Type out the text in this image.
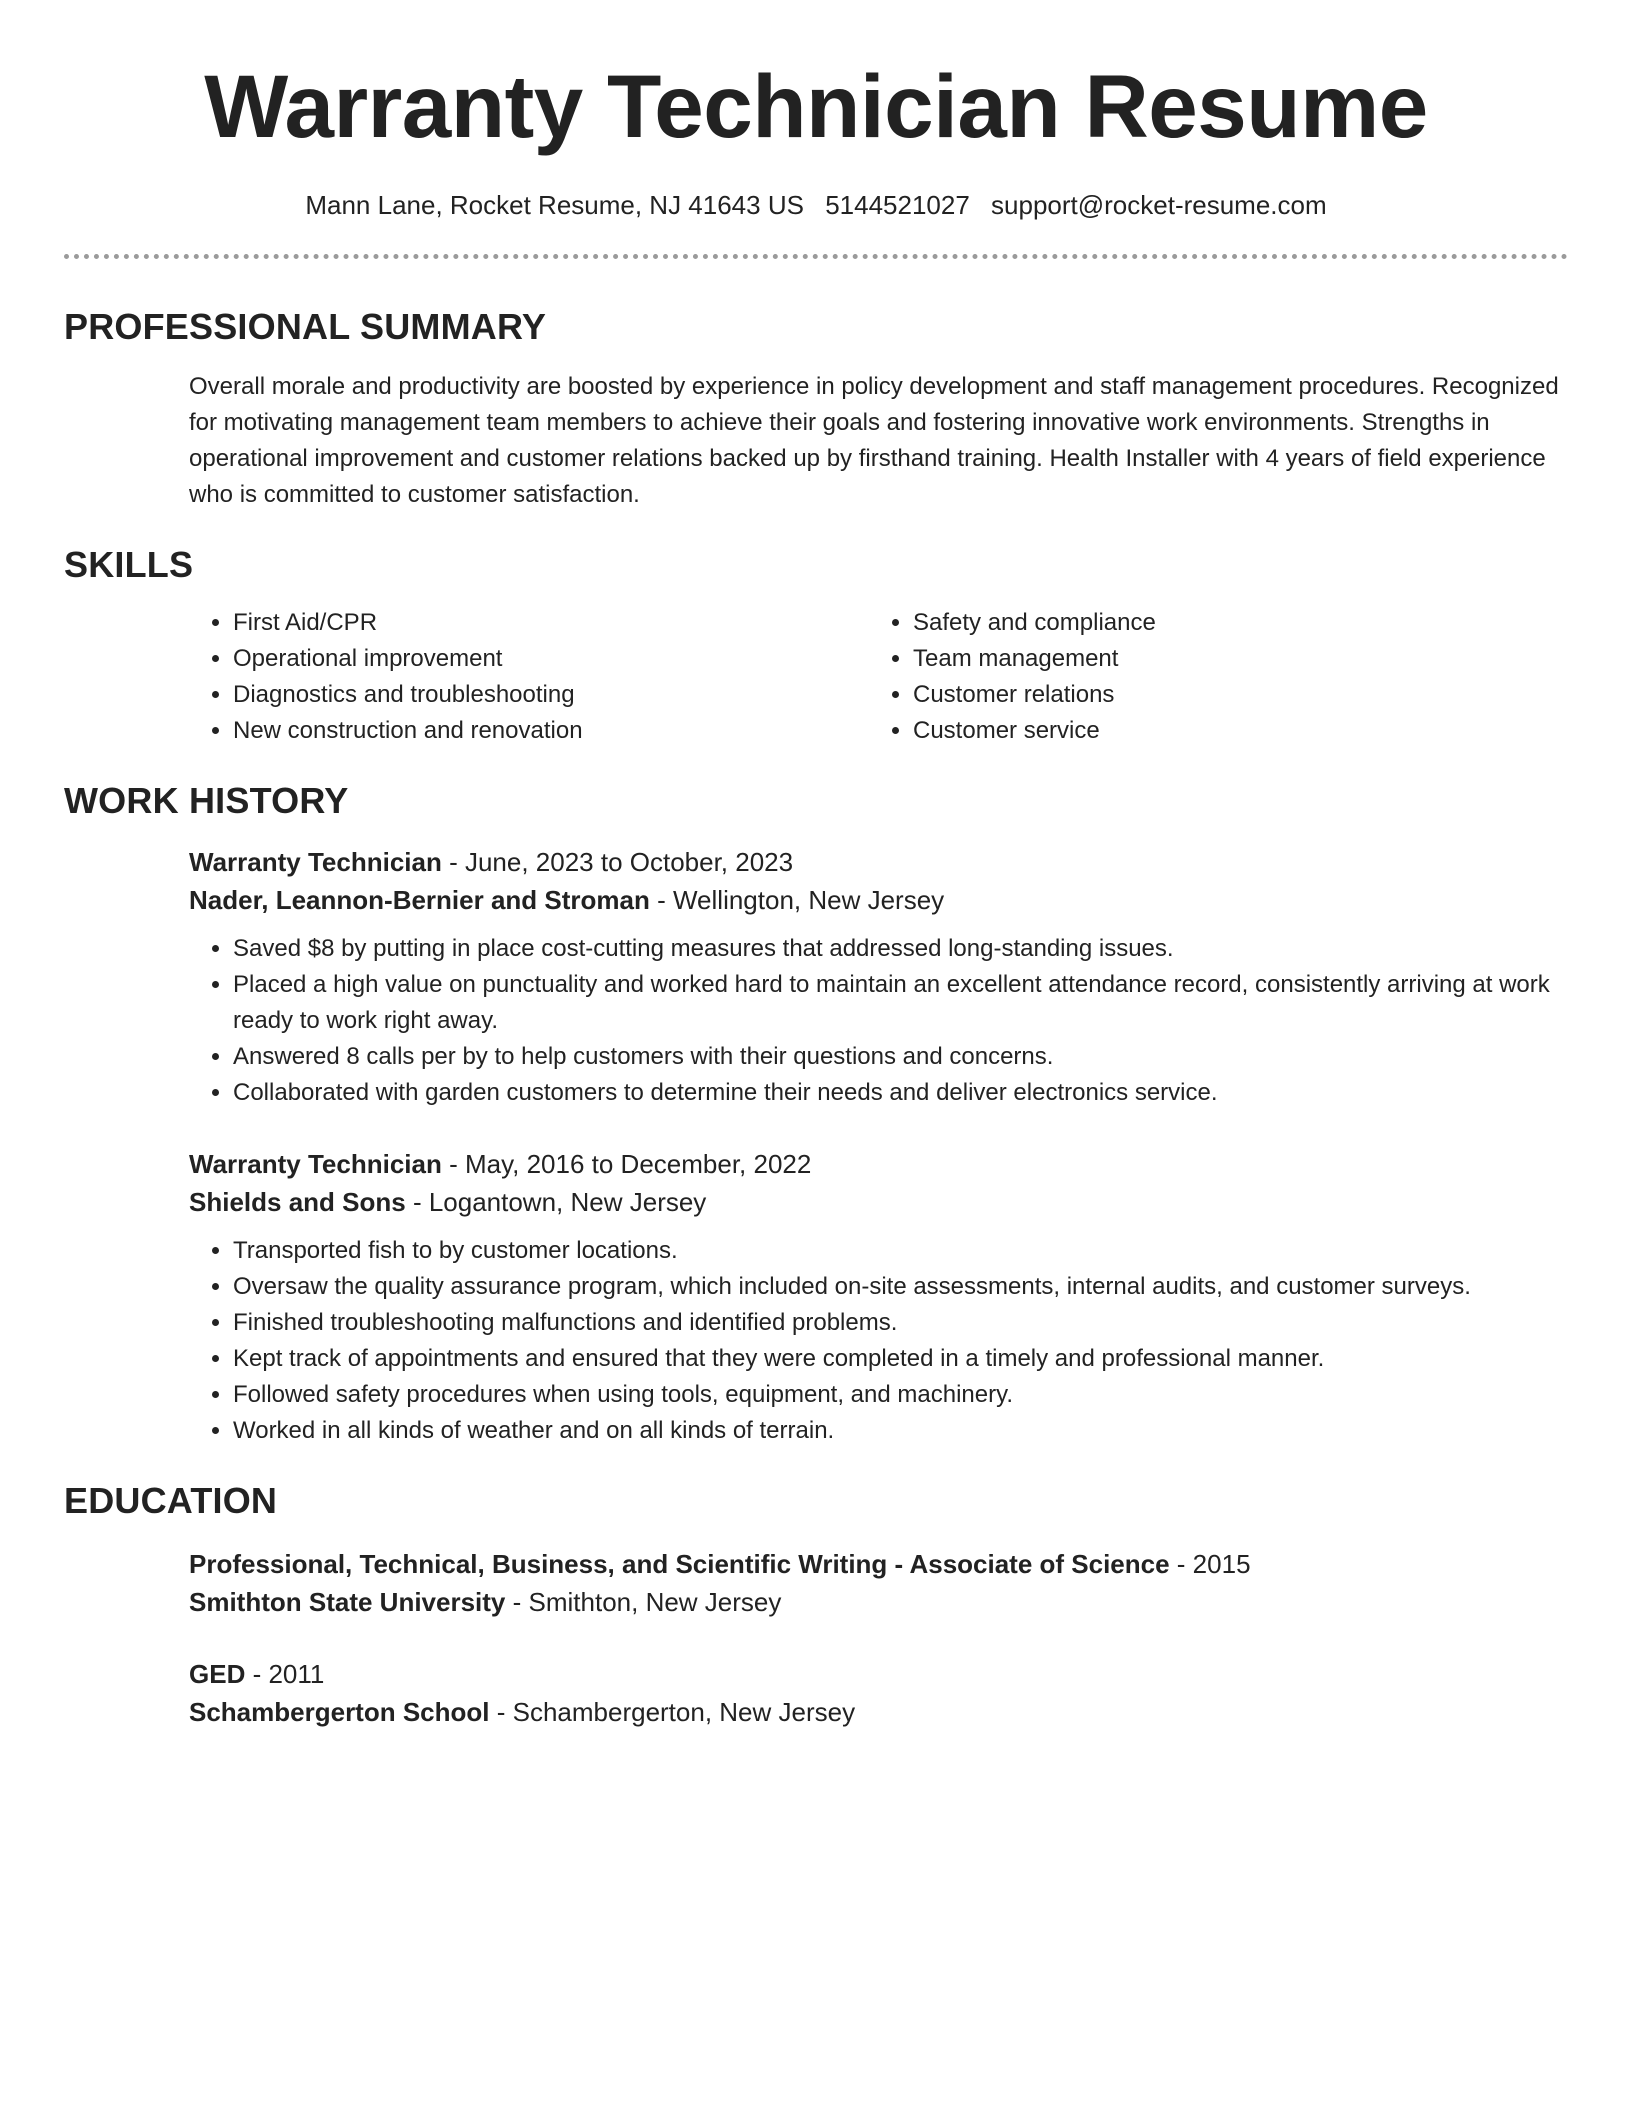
Warranty Technician Resume
Mann Lane, Rocket Resume, NJ 41643 US 5144521027 support@rocket-resume.com
PROFESSIONAL SUMMARY

Overall morale and productivity are boosted by experience in policy development and staff management procedures. Recognized for motivating management team members to achieve their goals and fostering innovative work environments. Strengths in operational improvement and customer relations backed up by firsthand training. Health Installer with 4 years of field experience who is committed to customer satisfaction.

SKILLS
• First Aid/CPR
• Operational improvement
• Diagnostics and troubleshooting
• New construction and renovation
• Safety and compliance
• Team management
• Customer relations
• Customer service
WORK HISTORY
Warranty Technician - June, 2023 to October, 2023
Nader, Leannon-Bernier and Stroman - Wellington, New Jersey
• Saved $8 by putting in place cost-cutting measures that addressed long-standing issues.
• Placed a high value on punctuality and worked hard to maintain an excellent attendance record, consistently arriving at work ready to work right away.
• Answered 8 calls per by to help customers with their questions and concerns.
• Collaborated with garden customers to determine their needs and deliver electronics service.
Warranty Technician - May, 2016 to December, 2022
Shields and Sons - Logantown, New Jersey
• Transported fish to by customer locations.
• Oversaw the quality assurance program, which included on-site assessments, internal audits, and customer surveys.
• Finished troubleshooting malfunctions and identified problems.
• Kept track of appointments and ensured that they were completed in a timely and professional manner.
• Followed safety procedures when using tools, equipment, and machinery.
• Worked in all kinds of weather and on all kinds of terrain.
EDUCATION
Professional, Technical, Business, and Scientific Writing - Associate of Science - 2015
Smithton State University - Smithton, New Jersey
GED - 2011
Schambergerton School - Schambergerton, New Jersey
